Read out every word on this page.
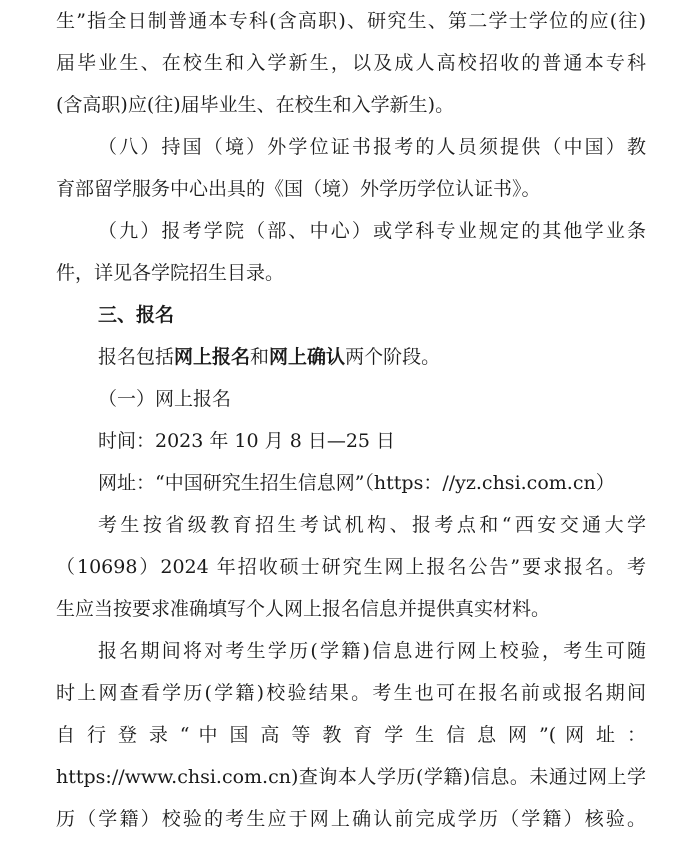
生”指全日制普通本专科(含高职)、研究生、第二学士学位的应(往)
届毕业生、在校生和入学新生，以及成人高校招收的普通本专科
(含高职)应(往)届毕业生、在校生和入学新生)。
（八）持国（境）外学位证书报考的人员须提供（中国）教
育部留学服务中心出具的《国（境）外学历学位认证书》。
（九）报考学院（部、中心）或学科专业规定的其他学业条
件，详见各学院招生目录。
三、报名
报名包括网上报名和网上确认两个阶段。
（一）网上报名
时间：2023 年 10 月 8 日—25 日
网址：“中国研究生招生信息网”（https：//yz.chsi.com.cn）
考生按省级教育招生考试机构、报考点和“西安交通大学
（10698）2024 年招收硕士研究生网上报名公告”要求报名。考
生应当按要求准确填写个人网上报名信息并提供真实材料。
报名期间将对考生学历(学籍)信息进行网上校验，考生可随
时上网查看学历(学籍)校验结果。考生也可在报名前或报名期间
自 行 登 录 “ 中 国 高 等 教 育 学 生 信 息 网 ”( 网 址 ：
https://www.chsi.com.cn)查询本人学历(学籍)信息。未通过网上学
历（学籍）校验的考生应于网上确认前完成学历（学籍）核验。
